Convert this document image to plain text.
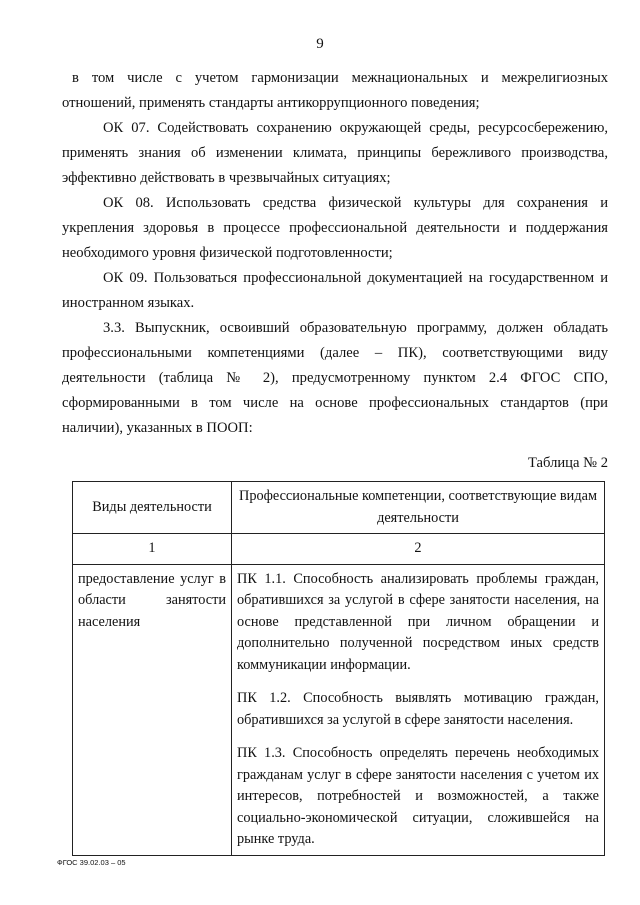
9

в том числе с учетом гармонизации межнациональных и межрелигиозных отношений, применять стандарты антикоррупционного поведения;

ОК 07. Содействовать сохранению окружающей среды, ресурсосбережению, применять знания об изменении климата, принципы бережливого производства, эффективно действовать в чрезвычайных ситуациях;

ОК 08. Использовать средства физической культуры для сохранения и укрепления здоровья в процессе профессиональной деятельности и поддержания необходимого уровня физической подготовленности;

ОК 09. Пользоваться профессиональной документацией на государственном и иностранном языках.

3.3. Выпускник, освоивший образовательную программу, должен обладать профессиональными компетенциями (далее – ПК), соответствующими виду деятельности (таблица № 2), предусмотренному пунктом 2.4 ФГОС СПО, сформированными в том числе на основе профессиональных стандартов (при наличии), указанных в ПООП:

Таблица № 2
Виды деятельности	Профессиональные компетенции, соответствующие видам деятельности
1	2
предоставление услуг в области занятости населения	ПК 1.1. Способность анализировать проблемы граждан, обратившихся за услугой в сфере занятости населения, на основе представленной при личном обращении и дополнительно полученной посредством иных средств коммуникации информации.

ПК 1.2. Способность выявлять мотивацию граждан, обратившихся за услугой в сфере занятости населения.

ПК 1.3. Способность определять перечень необходимых гражданам услуг в сфере занятости населения с учетом их интересов, потребностей и возможностей, а также социально-экономической ситуации, сложившейся на рынке труда.

ФГОС 39.02.03 – 05
